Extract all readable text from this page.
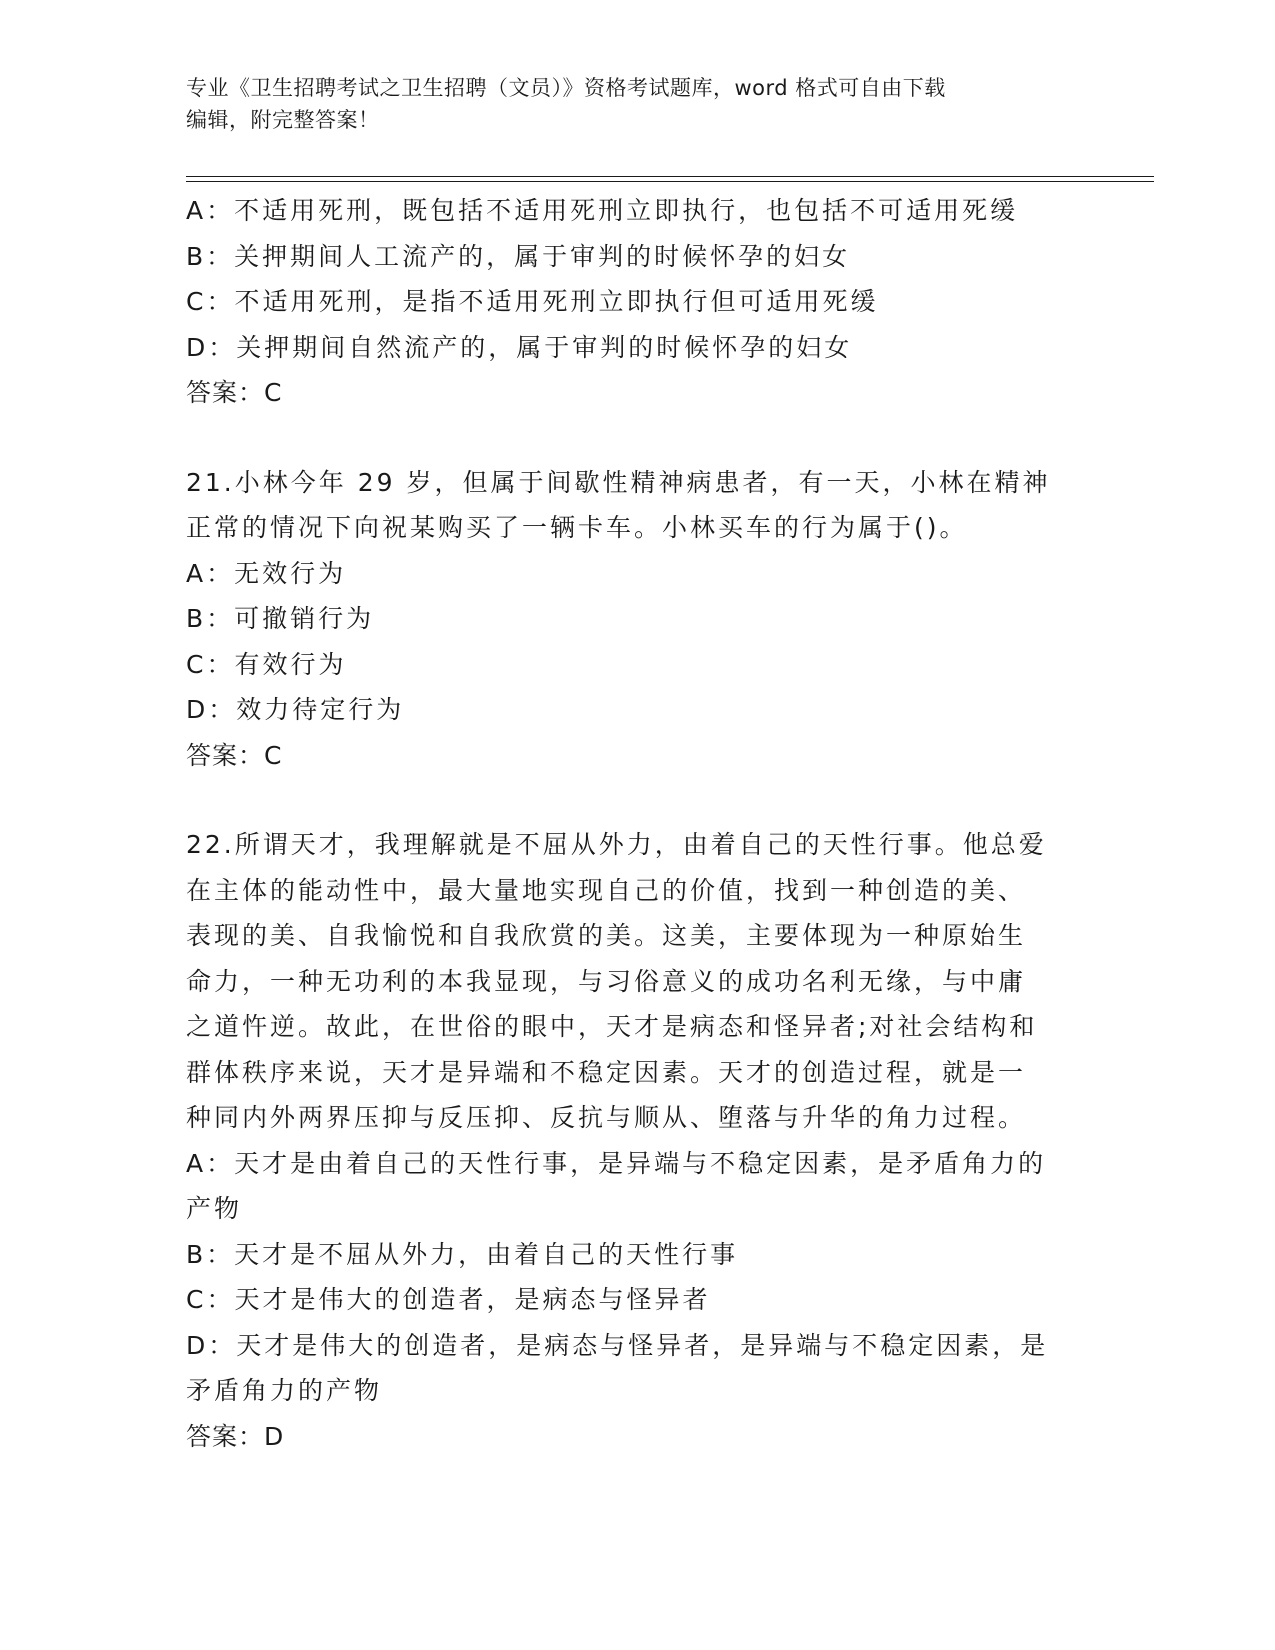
专业《卫生招聘考试之卫生招聘（文员）》资格考试题库，word 格式可自由下载

编辑，附完整答案！

A：不适用死刑，既包括不适用死刑立即执行，也包括不可适用死缓

B：关押期间人工流产的，属于审判的时候怀孕的妇女

C：不适用死刑，是指不适用死刑立即执行但可适用死缓

D：关押期间自然流产的，属于审判的时候怀孕的妇女

答案：C

21.小林今年 29 岁，但属于间歇性精神病患者，有一天，小林在精神

正常的情况下向祝某购买了一辆卡车。小林买车的行为属于()。

A：无效行为

B：可撤销行为

C：有效行为

D：效力待定行为

答案：C

22.所谓天才，我理解就是不屈从外力，由着自己的天性行事。他总爱

在主体的能动性中，最大量地实现自己的价值，找到一种创造的美、

表现的美、自我愉悦和自我欣赏的美。这美，主要体现为一种原始生

命力，一种无功利的本我显现，与习俗意义的成功名利无缘，与中庸

之道忤逆。故此，在世俗的眼中，天才是病态和怪异者;对社会结构和

群体秩序来说，天才是异端和不稳定因素。天才的创造过程，就是一

种同内外两界压抑与反压抑、反抗与顺从、堕落与升华的角力过程。

A：天才是由着自己的天性行事，是异端与不稳定因素，是矛盾角力的

产物

B：天才是不屈从外力，由着自己的天性行事

C：天才是伟大的创造者，是病态与怪异者

D：天才是伟大的创造者，是病态与怪异者，是异端与不稳定因素，是

矛盾角力的产物

答案：D
